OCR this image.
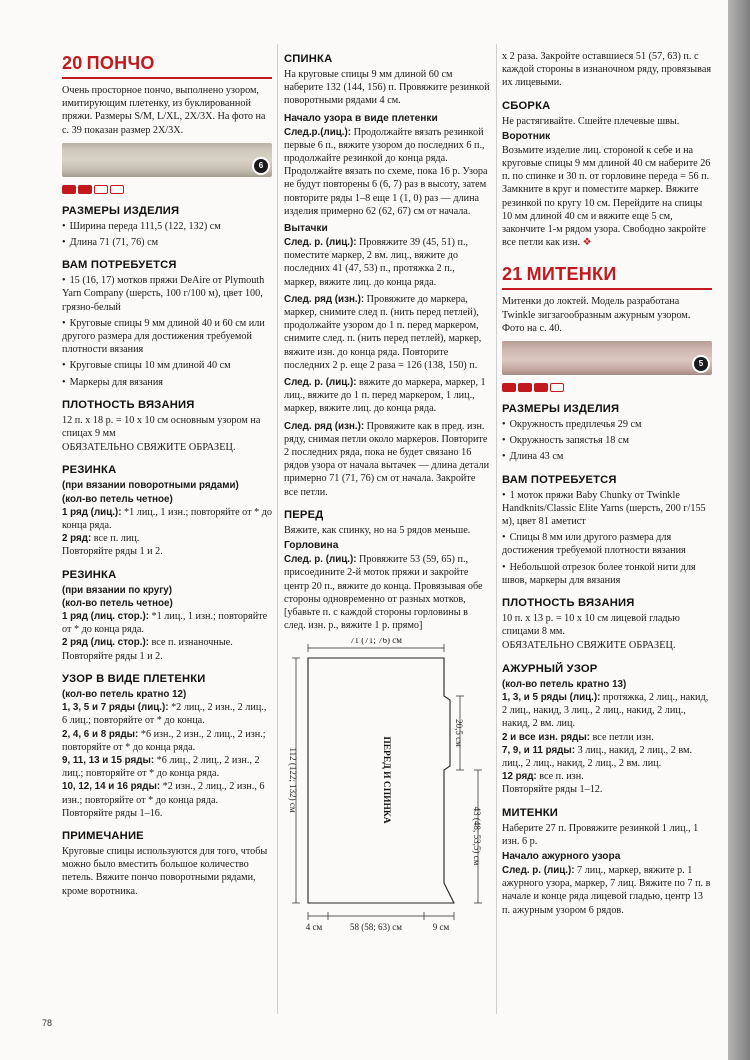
20 ПОНЧО

Очень просторное пончо, выполнено узором, имитирующим плетенку, из буклированной пряжи. Размеры S/M, L/XL, 2X/3X. На фото на с. 39 показан размер 2X/3X.

6
РАЗМЕРЫ ИЗДЕЛИЯ

• Ширина переда 111,5 (122, 132) см

• Длина 71 (71, 76) см

ВАМ ПОТРЕБУЕТСЯ

• 15 (16, 17) мотков пряжи DeAire от Plymouth Yarn Company (шерсть, 100 г/100 м), цвет 100, грязно-белый

• Круговые спицы 9 мм длиной 40 и 60 см или другого размера для достижения требуемой плотности вязания

• Круговые спицы 10 мм длиной 40 см

• Маркеры для вязания

ПЛОТНОСТЬ ВЯЗАНИЯ

12 п. х 18 р. = 10 х 10 см основным узором на спицах 9 мм

ОБЯЗАТЕЛЬНО СВЯЖИТЕ ОБРАЗЕЦ.

РЕЗИНКА
(при вязании поворотными рядами)
(кол-во петель четное)

1 ряд (лиц.): *1 лиц., 1 изн.; повторяйте от * до конца ряда.

2 ряд: все п. лиц.

Повторяйте ряды 1 и 2.

РЕЗИНКА
(при вязании по кругу)
(кол-во петель четное)

1 ряд (лиц. стор.): *1 лиц., 1 изн.; повторяйте от * до конца ряда.

2 ряд (лиц. стор.): все п. изнаночные.

Повторяйте ряды 1 и 2.

УЗОР В ВИДЕ ПЛЕТЕНКИ
(кол-во петель кратно 12)

1, 3, 5 и 7 ряды (лиц.): *2 лиц., 2 изн., 2 лиц., 6 лиц.; повторяйте от * до конца.

2, 4, 6 и 8 ряды: *6 изн., 2 изн., 2 лиц., 2 изн.; повторяйте от * до конца ряда.

9, 11, 13 и 15 ряды: *6 лиц., 2 лиц., 2 изн., 2 лиц.; повторяйте от * до конца ряда.

10, 12, 14 и 16 ряды: *2 изн., 2 лиц., 2 изн., 6 изн.; повторяйте от * до конца ряда.

Повторяйте ряды 1–16.

ПРИМЕЧАНИЕ

Круговые спицы используются для того, чтобы можно было вместить большое количество петель. Вяжите пончо поворотными рядами, кроме воротника.

СПИНКА

На круговые спицы 9 мм длиной 60 см наберите 132 (144, 156) п. Провяжите резинкой поворотными рядами 4 см.

Начало узора в виде плетенки

След.р.(лиц.): Продолжайте вязать резинкой первые 6 п., вяжите узором до последних 6 п., продолжайте резинкой до конца ряда. Продолжайте вязать по схеме, пока 16 р. Узора не будут повторены 6 (6, 7) раз в высоту, затем повторите ряды 1–8 еще 1 (1, 0) раз — длина изделия примерно 62 (62, 67) см от начала.

Вытачки

След. р. (лиц.): Провяжите 39 (45, 51) п., поместите маркер, 2 вм. лиц., вяжите до последних 41 (47, 53) п., протяжка 2 п., маркер, вяжите лиц. до конца ряда.

След. ряд (изн.): Провяжите до маркера, маркер, снимите след п. (нить перед петлей), продолжайте узором до 1 п. перед маркером, снимите след. п. (нить перед петлей), маркер, вяжите изн. до конца ряда. Повторите последних 2 р. еще 2 раза = 126 (138, 150) п.

След. р. (лиц.): вяжите до маркера, маркер, 1 лиц., вяжите до 1 п. перед маркером, 1 лиц., маркер, вяжите лиц. до конца ряда.

След. ряд (изн.): Провяжите как в пред. изн. ряду, снимая петли около маркеров. Повторите 2 последних ряда, пока не будет связано 16 рядов узора от начала вытачек — длина детали примерно 71 (71, 76) см от начала. Закройте все петли.

ПЕРЕД

Вяжите, как спинку, но на 5 рядов меньше.

Горловина

След. р. (лиц.): Провяжите 53 (59, 65) п., присоедините 2-й моток пряжи и закройте центр 20 п., вяжите до конца. Провязывая обе стороны одновременно от разных мотков, [убавьте п. с каждой стороны горловины в след. изн. р., вяжите 1 р. прямо]

71 (71; 76) см
112 (122; 132) см	ПЕРЕД И СПИНКА
20,5 см
43 (48; 53,5) см
4 см	58 (58; 63) см	9 см

х 2 раза. Закройте оставшиеся 51 (57, 63) п. с каждой стороны в изнаночном ряду, провязывая их лицевыми.

СБОРКА

Не растягивайте. Сшейте плечевые швы.

Воротник

Возьмите изделие лиц. стороной к себе и на круговые спицы 9 мм длиной 40 см наберите 26 п. по спинке и 30 п. от горловине переда = 56 п. Замкните в круг и поместите маркер. Вяжите резинкой по кругу 10 см. Перейдите на спицы 10 мм длиной 40 см и вяжите еще 5 см, закончите 1-м рядом узора. Свободно закройте все петли как изн. ❖

21 МИТЕНКИ

Митенки до локтей. Модель разработана Twinkle зигзагообразным ажурным узором. Фото на с. 40.

5
РАЗМЕРЫ ИЗДЕЛИЯ

• Окружность предплечья 29 см

• Окружность запястья 18 см

• Длина 43 см

ВАМ ПОТРЕБУЕТСЯ

• 1 моток пряжи Baby Chunky от Twinkle Handknits/Classic Elite Yarns (шерсть, 200 г/155 м), цвет 81 аметист

• Спицы 8 мм или другого размера для достижения требуемой плотности вязания

• Небольшой отрезок более тонкой нити для швов, маркеры для вязания

ПЛОТНОСТЬ ВЯЗАНИЯ

10 п. х 13 р. = 10 х 10 см лицевой гладью спицами 8 мм.

ОБЯЗАТЕЛЬНО СВЯЖИТЕ ОБРАЗЕЦ.

АЖУРНЫЙ УЗОР
(кол-во петель кратно 13)

1, 3, и 5 ряды (лиц.): протяжка, 2 лиц., накид, 2 лиц., накид, 3 лиц., 2 лиц., накид, 2 лиц., накид, 2 вм. лиц.

2 и все изн. ряды: все петли изн.

7, 9, и 11 ряды: 3 лиц., накид, 2 лиц., 2 вм. лиц., 2 лиц., накид, 2 лиц., 2 вм. лиц.

12 ряд: все п. изн.

Повторяйте ряды 1–12.

МИТЕНКИ

Наберите 27 п. Провяжите резинкой 1 лиц., 1 изн. 6 р.

Начало ажурного узора

След. р. (лиц.): 7 лиц., маркер, вяжите р. 1 ажурного узора, маркер, 7 лиц. Вяжите по 7 п. в начале и конце ряда лицевой гладью, центр 13 п. ажурным узором 6 рядов.

78
